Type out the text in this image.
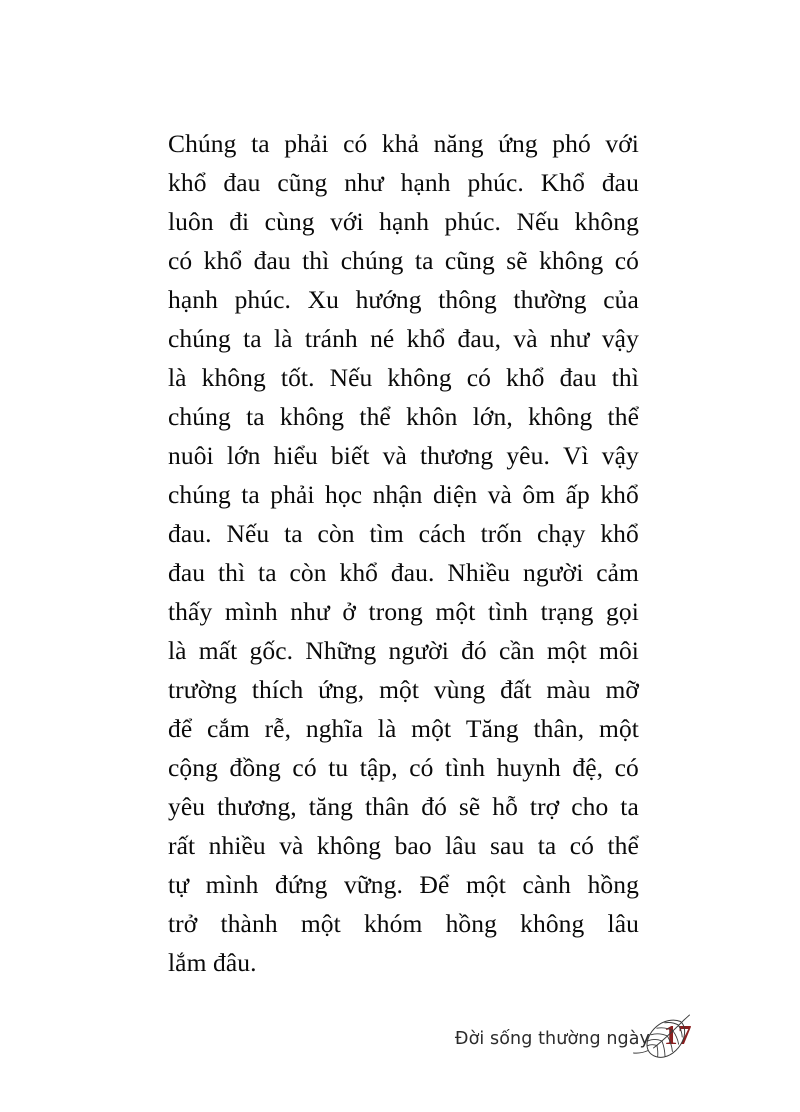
Chúng ta phải có khả năng ứng phó với
khổ đau cũng như hạnh phúc. Khổ đau
luôn đi cùng với hạnh phúc. Nếu không
có khổ đau thì chúng ta cũng sẽ không có
hạnh phúc. Xu hướng thông thường của
chúng ta là tránh né khổ đau, và như vậy
là không tốt. Nếu không có khổ đau thì
chúng ta không thể khôn lớn, không thể
nuôi lớn hiểu biết và thương yêu. Vì vậy
chúng ta phải học nhận diện và ôm ấp khổ
đau. Nếu ta còn tìm cách trốn chạy khổ
đau thì ta còn khổ đau. Nhiều người cảm
thấy mình như ở trong một tình trạng gọi
là mất gốc. Những người đó cần một môi
trường thích ứng, một vùng đất màu mỡ
để cắm rễ, nghĩa là một Tăng thân, một
cộng đồng có tu tập, có tình huynh đệ, có
yêu thương, tăng thân đó sẽ hỗ trợ cho ta
rất nhiều và không bao lâu sau ta có thể
tự mình đứng vững. Để một cành hồng
trở thành một khóm hồng không lâu
lắm đâu.
Đời sống thường ngày 17
